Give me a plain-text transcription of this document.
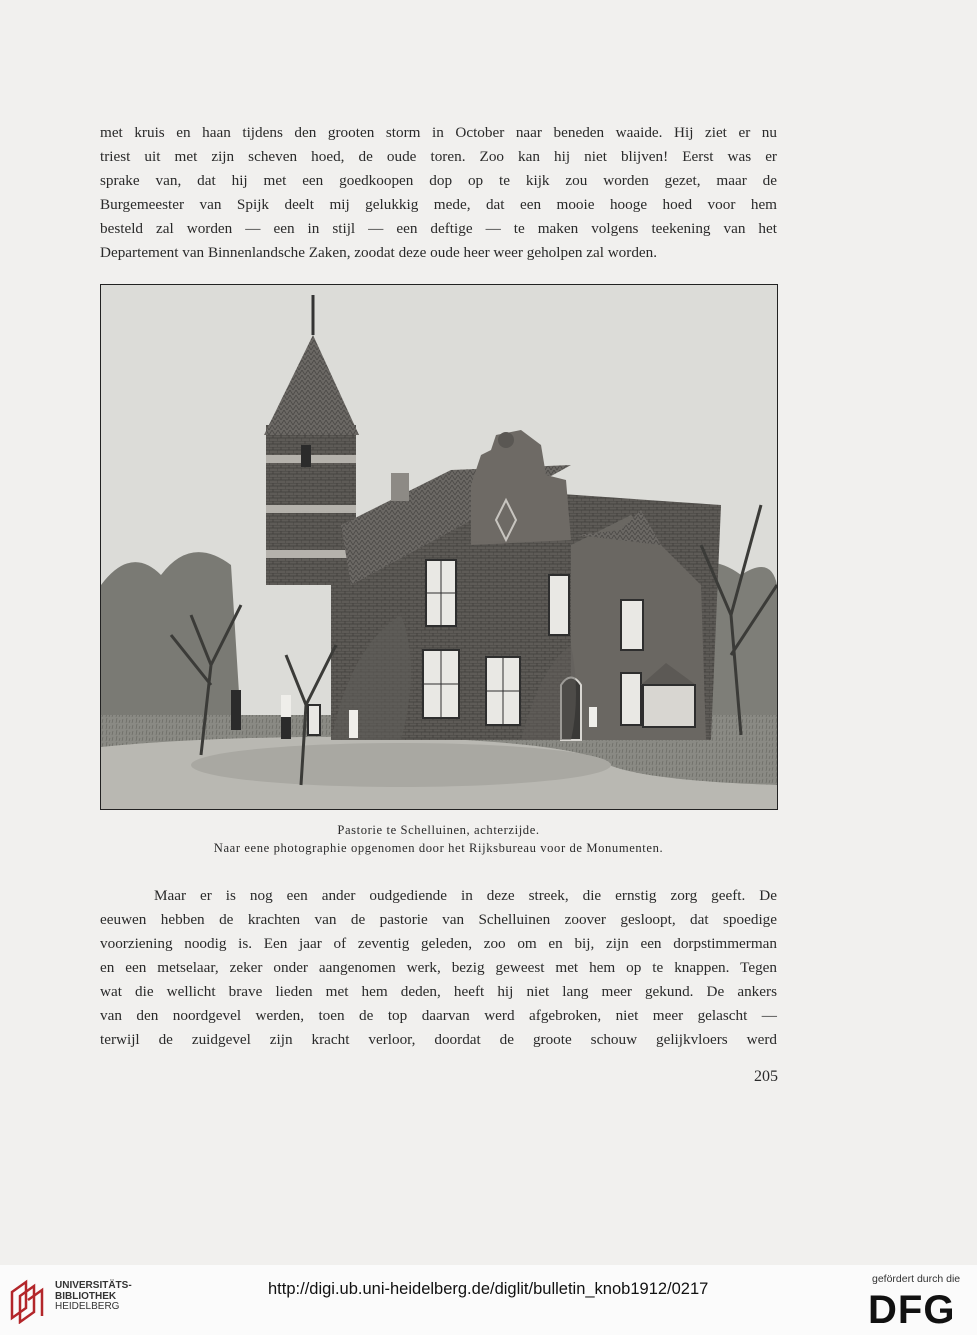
met kruis en haan tijdens den grooten storm in October naar beneden waaide. Hij ziet er nu
triest uit met zijn scheven hoed, de oude toren. Zoo kan hij niet blijven! Eerst was er
sprake van, dat hij met een goedkoopen dop op te kijk zou worden gezet, maar de
Burgemeester van Spijk deelt mij gelukkig mede, dat een mooie hooge hoed voor hem
besteld zal worden — een in stijl — een deftige — te maken volgens teekening van het
Departement van Binnenlandsche Zaken, zoodat deze oude heer weer geholpen zal worden.
Pastorie te Schelluinen, achterzijde.
Naar eene photographie opgenomen door het Rijksbureau voor de Monumenten.
Maar er is nog een ander oudgediende in deze streek, die ernstig zorg geeft. De
eeuwen hebben de krachten van de pastorie van Schelluinen zoover gesloopt, dat spoedige
voorziening noodig is. Een jaar of zeventig geleden, zoo om en bij, zijn een dorpstimmerman
en een metselaar, zeker onder aangenomen werk, bezig geweest met hem op te knappen. Tegen
wat die wellicht brave lieden met hem deden, heeft hij niet lang meer gekund. De ankers
van den noordgevel werden, toen de top daarvan werd afgebroken, niet meer gelascht —
terwijl de zuidgevel zijn kracht verloor, doordat de groote schouw gelijkvloers werd
205
UNIVERSITÄTS-
BIBLIOTHEK
HEIDELBERG
http://digi.ub.uni-heidelberg.de/diglit/bulletin_knob1912/0217
gefördert durch die
DFG
